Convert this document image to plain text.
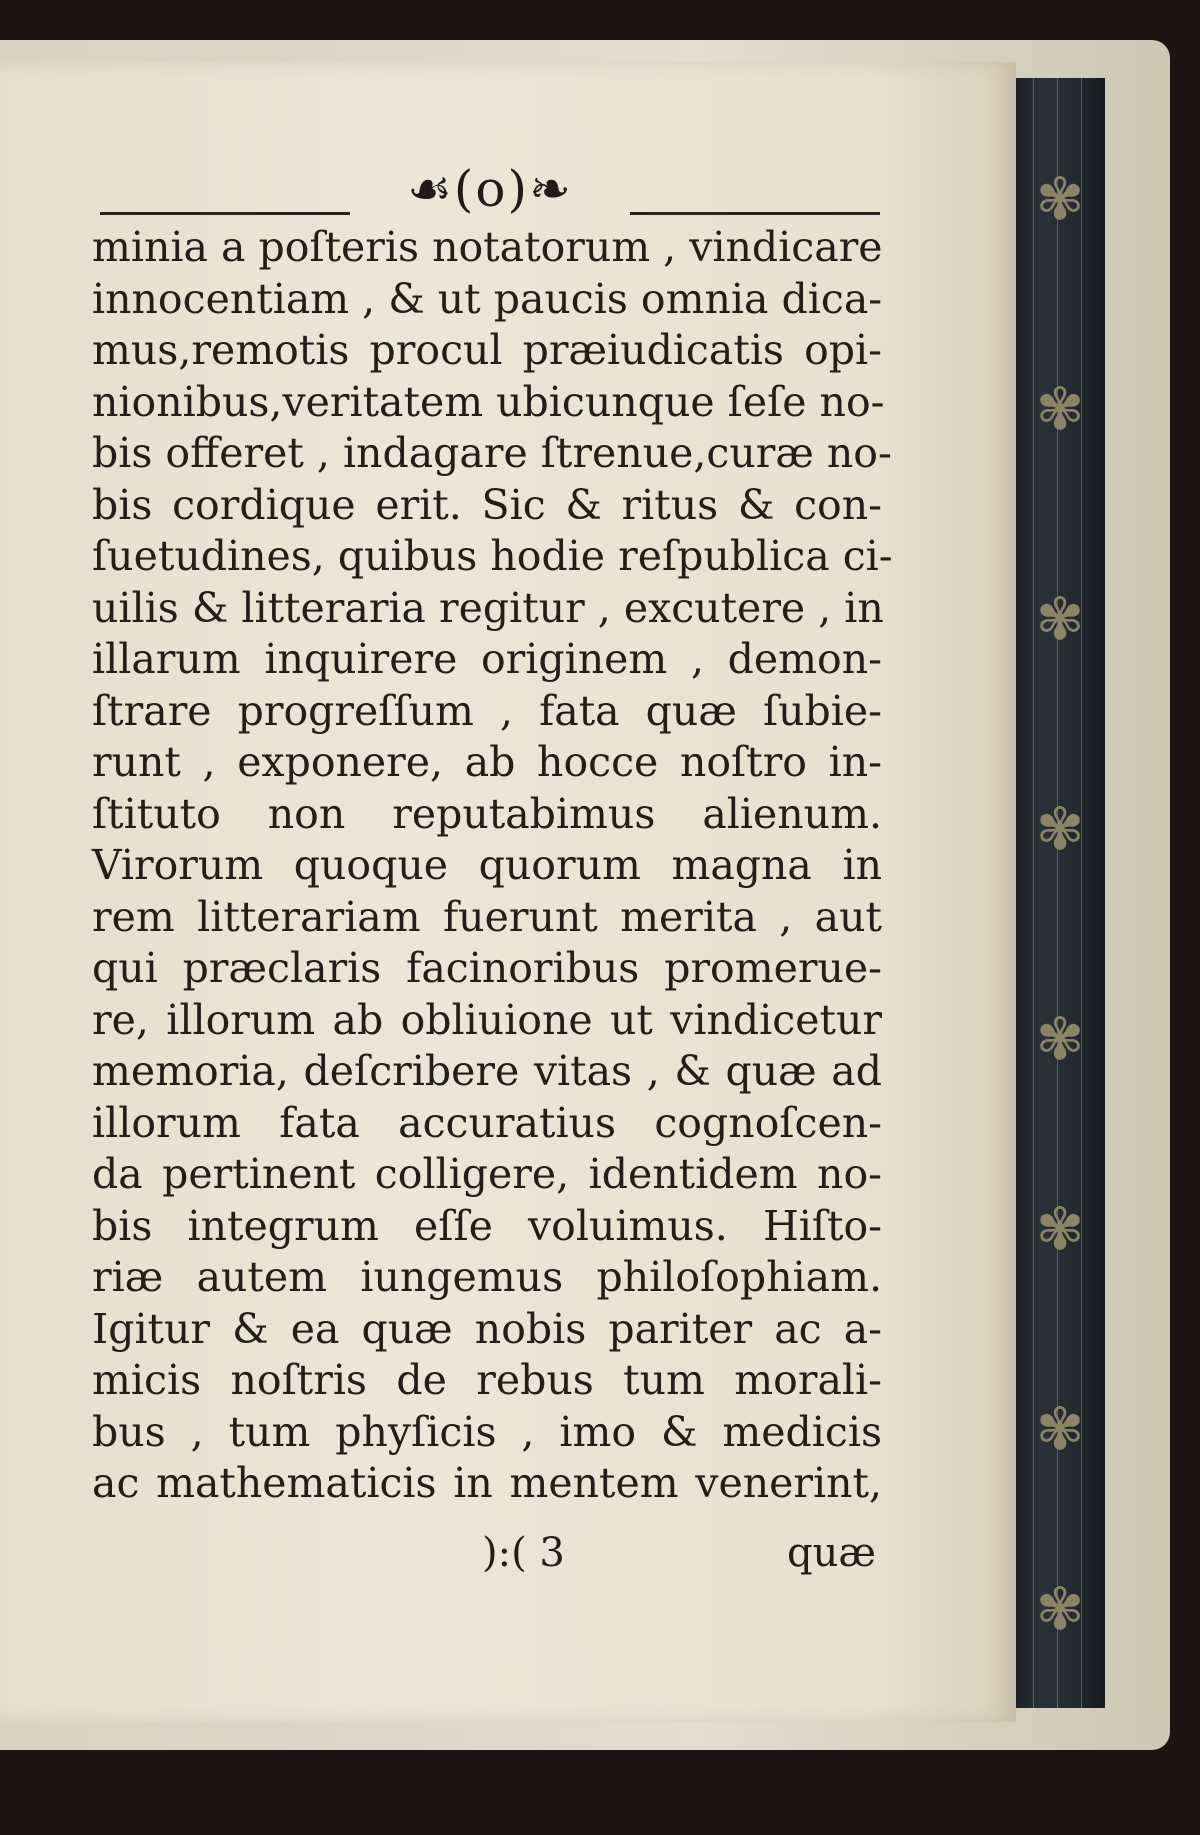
✾
✾
✾
✾
✾
✾
✾
✾
☙(o)❧
minia a poſteris notatorum , vindicare
innocentiam , & ut paucis omnia dica-
mus,remotis procul præiudicatis opi-
nionibus,veritatem ubicunque ſeſe no-
bis offeret , indagare ſtrenue,curæ no-
bis cordique erit. Sic & ritus & con-
ſuetudines, quibus hodie reſpublica ci-
uilis & litteraria regitur , excutere , in
illarum inquirere originem , demon-
ſtrare progreſſum , fata quæ ſubie-
runt , exponere, ab hocce noſtro in-
ſtituto non reputabimus alienum.
Virorum quoque quorum magna in
rem litterariam fuerunt merita , aut
qui præclaris facinoribus promerue-
re, illorum ab obliuione ut vindicetur
memoria, deſcribere vitas , & quæ ad
illorum fata accuratius cognoſcen-
da pertinent colligere, identidem no-
bis integrum eſſe voluimus. Hiſto-
riæ autem iungemus philoſophiam.
Igitur & ea quæ nobis pariter ac a-
micis noſtris de rebus tum morali-
bus , tum phyſicis , imo & medicis
ac mathematicis in mentem venerint,
):( 3	quæ
